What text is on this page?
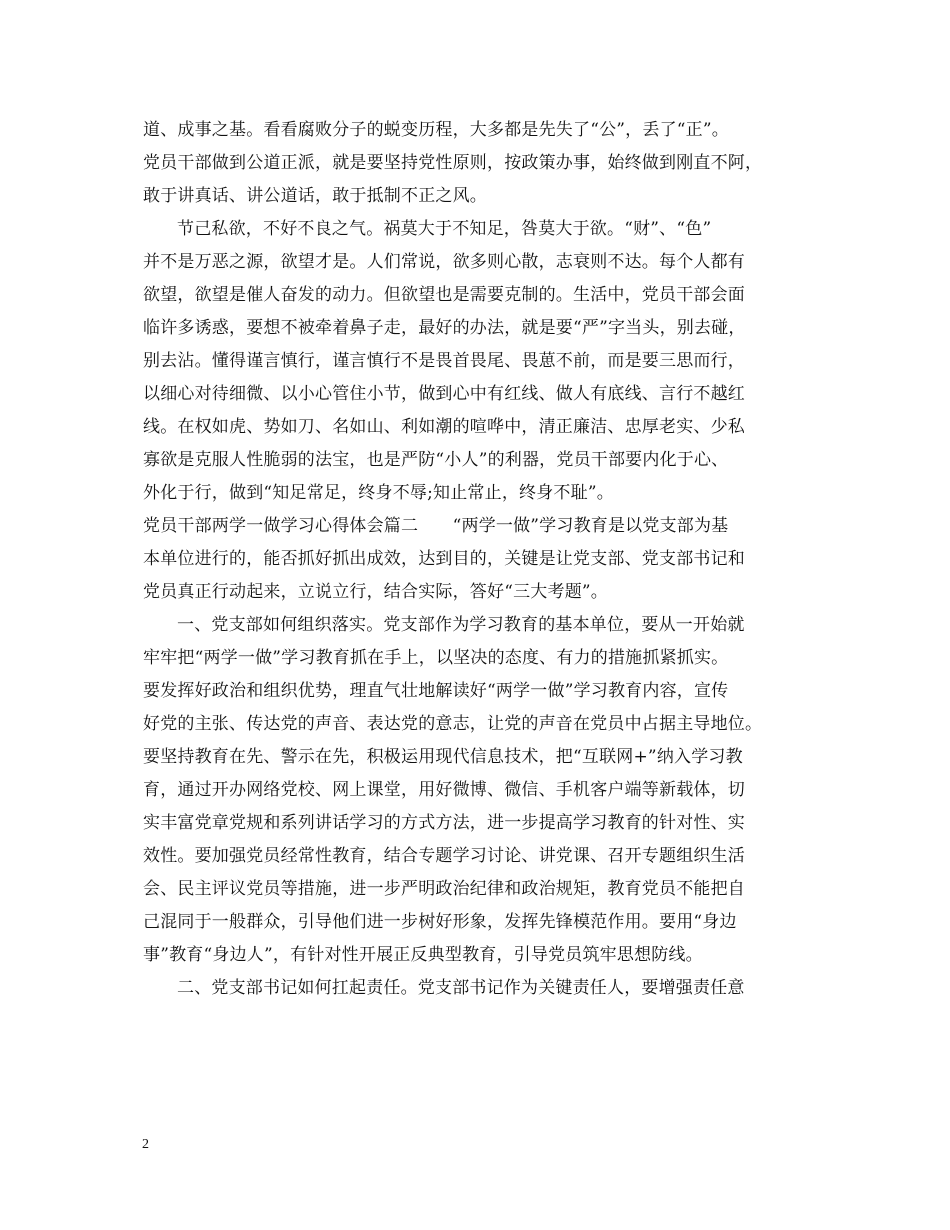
道、成事之基。看看腐败分子的蜕变历程，大多都是先失了“公”，丢了“正”。
党员干部做到公道正派，就是要坚持党性原则，按政策办事，始终做到刚直不阿，
敢于讲真话、讲公道话，敢于抵制不正之风。
节己私欲，不好不良之气。祸莫大于不知足，咎莫大于欲。“财”、“色”
并不是万恶之源，欲望才是。人们常说，欲多则心散，志衰则不达。每个人都有
欲望，欲望是催人奋发的动力。但欲望也是需要克制的。生活中，党员干部会面
临许多诱惑，要想不被牵着鼻子走，最好的办法，就是要“严”字当头，别去碰，
别去沾。懂得谨言慎行，谨言慎行不是畏首畏尾、畏葸不前，而是要三思而行，
以细心对待细微、以小心管住小节，做到心中有红线、做人有底线、言行不越红
线。在权如虎、势如刀、名如山、利如潮的喧哗中，清正廉洁、忠厚老实、少私
寡欲是克服人性脆弱的法宝，也是严防“小人”的利器，党员干部要内化于心、
外化于行，做到“知足常足，终身不辱;知止常止，终身不耻”。
党员干部两学一做学习心得体会篇二　　“两学一做”学习教育是以党支部为基
本单位进行的，能否抓好抓出成效，达到目的，关键是让党支部、党支部书记和
党员真正行动起来，立说立行，结合实际，答好“三大考题”。
一、党支部如何组织落实。党支部作为学习教育的基本单位，要从一开始就
牢牢把“两学一做”学习教育抓在手上，以坚决的态度、有力的措施抓紧抓实。
要发挥好政治和组织优势，理直气壮地解读好“两学一做”学习教育内容，宣传
好党的主张、传达党的声音、表达党的意志，让党的声音在党员中占据主导地位。
要坚持教育在先、警示在先，积极运用现代信息技术，把“互联网+”纳入学习教
育，通过开办网络党校、网上课堂，用好微博、微信、手机客户端等新载体，切
实丰富党章党规和系列讲话学习的方式方法，进一步提高学习教育的针对性、实
效性。要加强党员经常性教育，结合专题学习讨论、讲党课、召开专题组织生活
会、民主评议党员等措施，进一步严明政治纪律和政治规矩，教育党员不能把自
己混同于一般群众，引导他们进一步树好形象，发挥先锋模范作用。要用“身边
事”教育“身边人”，有针对性开展正反典型教育，引导党员筑牢思想防线。
二、党支部书记如何扛起责任。党支部书记作为关键责任人，要增强责任意
2
